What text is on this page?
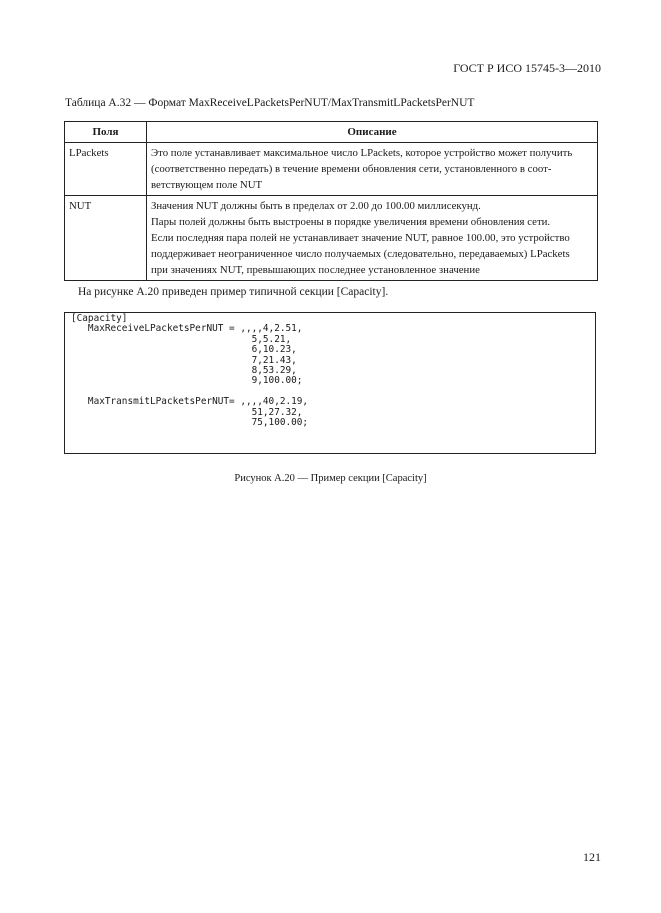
ГОСТ Р ИСО 15745-3—2010
Таблица А.32 — Формат MaxReceiveLPacketsPerNUT/MaxTransmitLPacketsPerNUT
Поля	Описание
LPackets	Это поле устанавливает максимальное число LPackets, которое устройство может получить
(соответственно передать) в течение времени обновления сети, установленного в соот-
ветствующем поле NUT

NUT	Значения NUT должны быть в пределах от 2.00 до 100.00 миллисекунд.
Пары полей должны быть выстроены в порядке увеличения времени обновления сети.
Если последняя пара полей не устанавливает значение NUT, равное 100.00, это устройство
поддерживает неограниченное число получаемых (следовательно, передаваемых) LPackets
при значениях NUT, превышающих последнее установленное значение
На рисунке А.20 приведен пример типичной секции [Capacity].
[Capacity]
MaxReceiveLPacketsPerNUT = ,,,,4,2.51,
5,5.21,
6,10.23,
7,21.43,
8,53.29,
9,100.00;
MaxTransmitLPacketsPerNUT= ,,,,40,2.19,
51,27.32,
75,100.00;
Рисунок А.20 — Пример секции [Capacity]
121
